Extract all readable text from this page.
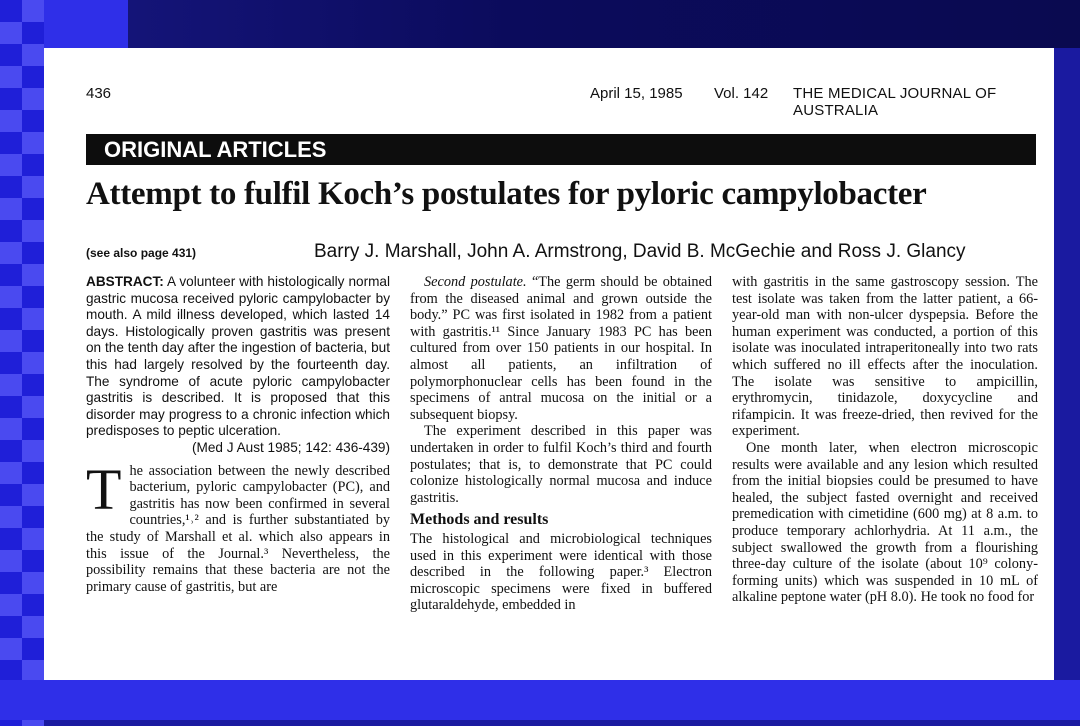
436	April 15, 1985 Vol. 142 THE MEDICAL JOURNAL OF AUSTRALIA
ORIGINAL ARTICLES
Attempt to fulfil Koch’s postulates for pyloric campylobacter
(see also page 431)	Barry J. Marshall, John A. Armstrong, David B. McGechie and Ross J. Glancy

ABSTRACT: A volunteer with histologically normal gastric mucosa received pyloric campylobacter by mouth. A mild illness developed, which lasted 14 days. Histologically proven gastritis was present on the tenth day after the ingestion of bacteria, but this had largely resolved by the fourteenth day. The syndrome of acute pyloric campylobacter gastritis is described. It is proposed that this disorder may progress to a chronic infection which predisposes to peptic ulceration.

(Med J Aust 1985; 142: 436-439)

The association between the newly described bacterium, pyloric campylobacter (PC), and gastritis has now been confirmed in several countries,¹˒² and is further substantiated by the study of Marshall et al. which also appears in this issue of the Journal.³ Nevertheless, the possibility remains that these bacteria are not the primary cause of gastritis, but are

Second postulate. “The germ should be obtained from the diseased animal and grown outside the body.” PC was first isolated in 1982 from a patient with gastritis.¹¹ Since January 1983 PC has been cultured from over 150 patients in our hospital. In almost all patients, an infiltration of polymorphonuclear cells has been found in the specimens of antral mucosa on the initial or a subsequent biopsy.

The experiment described in this paper was undertaken in order to fulfil Koch’s third and fourth postulates; that is, to demonstrate that PC could colonize histologically normal mucosa and induce gastritis.

Methods and results

The histological and microbiological techniques used in this experiment were identical with those described in the following paper.³ Electron microscopic specimens were fixed in buffered glutaraldehyde, embedded in

with gastritis in the same gastroscopy session. The test isolate was taken from the latter patient, a 66-year-old man with non-ulcer dyspepsia. Before the human experiment was conducted, a portion of this isolate was inoculated intraperitoneally into two rats which suffered no ill effects after the inoculation. The isolate was sensitive to ampicillin, erythromycin, tinidazole, doxycycline and rifampicin. It was freeze-dried, then revived for the experiment.

One month later, when electron microscopic results were available and any lesion which resulted from the initial biopsies could be presumed to have healed, the subject fasted overnight and received premedication with cimetidine (600 mg) at 8 a.m. to produce temporary achlorhydria. At 11 a.m., the subject swallowed the growth from a flourishing three-day culture of the isolate (about 10⁹ colony-forming units) which was suspended in 10 mL of alkaline peptone water (pH 8.0). He took no food for
